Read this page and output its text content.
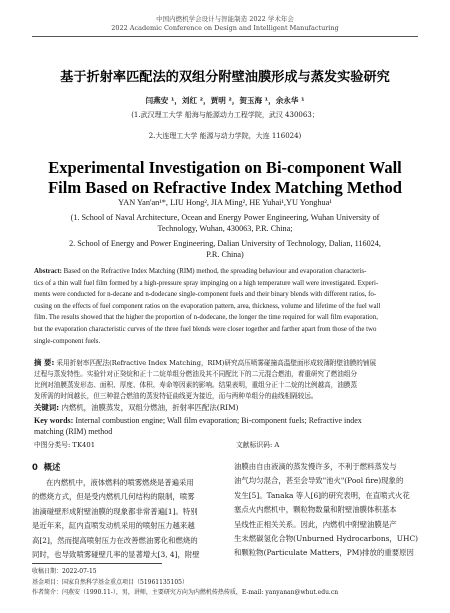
中国内燃机学会设计与智能制造 2022 学术年会
2022 Academic Conference on Design and Intelligent Manufacturing
基于折射率匹配法的双组分附壁油膜形成与蒸发实验研究
闫燕安 ¹，刘红 ²，贾明 ²，贺玉海 ¹，余永华 ¹
(1.武汉理工大学 船海与能源动力工程学院，武汉 430063；
2.大连理工大学 能源与动力学院，大连 116024)
Experimental Investigation on Bi-component Wall
Film Based on Refractive Index Matching Method
YAN Yan'an¹*, LIU Hong², JIA Ming², HE Yuhai¹,YU Yonghua¹
(1. School of Naval Architecture, Ocean and Energy Power Engineering, Wuhan University of
Technology, Wuhan, 430063, P.R. China;
2. School of Energy and Power Engineering, Dalian University of Technology, Dalian, 116024,
P.R. China)
Abstract: Based on the Refractive Index Matching (RIM) method, the spreading behaviour and evaporation characteris-
tics of a thin wall fuel film formed by a high-pressure spray impinging on a high temperature wall were investigated. Experi-
ments were conducted for n-decane and n-dodecane single-component fuels and their binary blends with different ratios, fo-
cusing on the effects of fuel component ratios on the evaporation pattern, area, thickness, volume and lifetime of the fuel wall
film. The results showed that the higher the proportion of n-dodecane, the longer the time required for wall film evaporation,
but the evaporation characteristic curves of the three fuel blends were closer together and farther apart from those of the two
single-component fuels.
摘 要: 采用折射率匹配法(Refractive Index Matching，RIM)研究高压喷雾碰撞高温壁面形成较薄附壁油膜的铺展
过程与蒸发特性。实验针对正癸烷和正十二烷单组分燃油及其不同配比下的二元混合燃油，着重研究了燃油组分
比例对油膜蒸发形态、面积、厚度、体积、寿命等因素的影响。结果表明，重组分正十二烷的比例越高，油膜蒸
发所需的时间越长，但三种混合燃油的蒸发特征曲线更为接近，而与两种单组分的曲线相隔较远。
关键词: 内燃机，油膜蒸发，双组分燃油，折射率匹配法(RIM)
Key words: Internal combustion engine; Wall film evaporation; Bi-component fuels; Refractive index
matching (RIM) method
中图分类号: TK401	文献标识码: A
0 概述
在内燃机中，液体燃料的喷雾燃烧是普遍采用
的燃烧方式，但是受内燃机几何结构的限制，喷雾
油滴碰壁形成附壁油膜的现象都非常普遍[1]。特别
是近年来，缸内直喷发动机采用的喷射压力越来越
高[2]，然而提高喷射压力在改善燃油雾化和燃烧的
同时，也导致喷雾碰壁几率的显著增大[3, 4]，附壁
油膜由自由液滴的蒸发慢许多，不利于燃料蒸发与
油气均匀混合，甚至会导致"池火"(Pool fire)现象的
发生[5]。Tanaka 等人[6]的研究表明，在直喷式火花
塞点火内燃机中，颗粒物数量和附壁油膜体积基本
呈线性正相关关系。因此，内燃机中附壁油膜是产
生未燃碳氢化合物(Unburned Hydrocarbons，UHC)
和颗粒物(Particulate Matters，PM)排放的重要原因
收稿日期：2022-07-15
基金项目：国家自然科学基金重点项目（51961135105）
作者简介：闫燕安（1990.11-），男，讲师，主要研究方向为内燃机传热传质，E-mail: yanyanan@whut.edu.cn
